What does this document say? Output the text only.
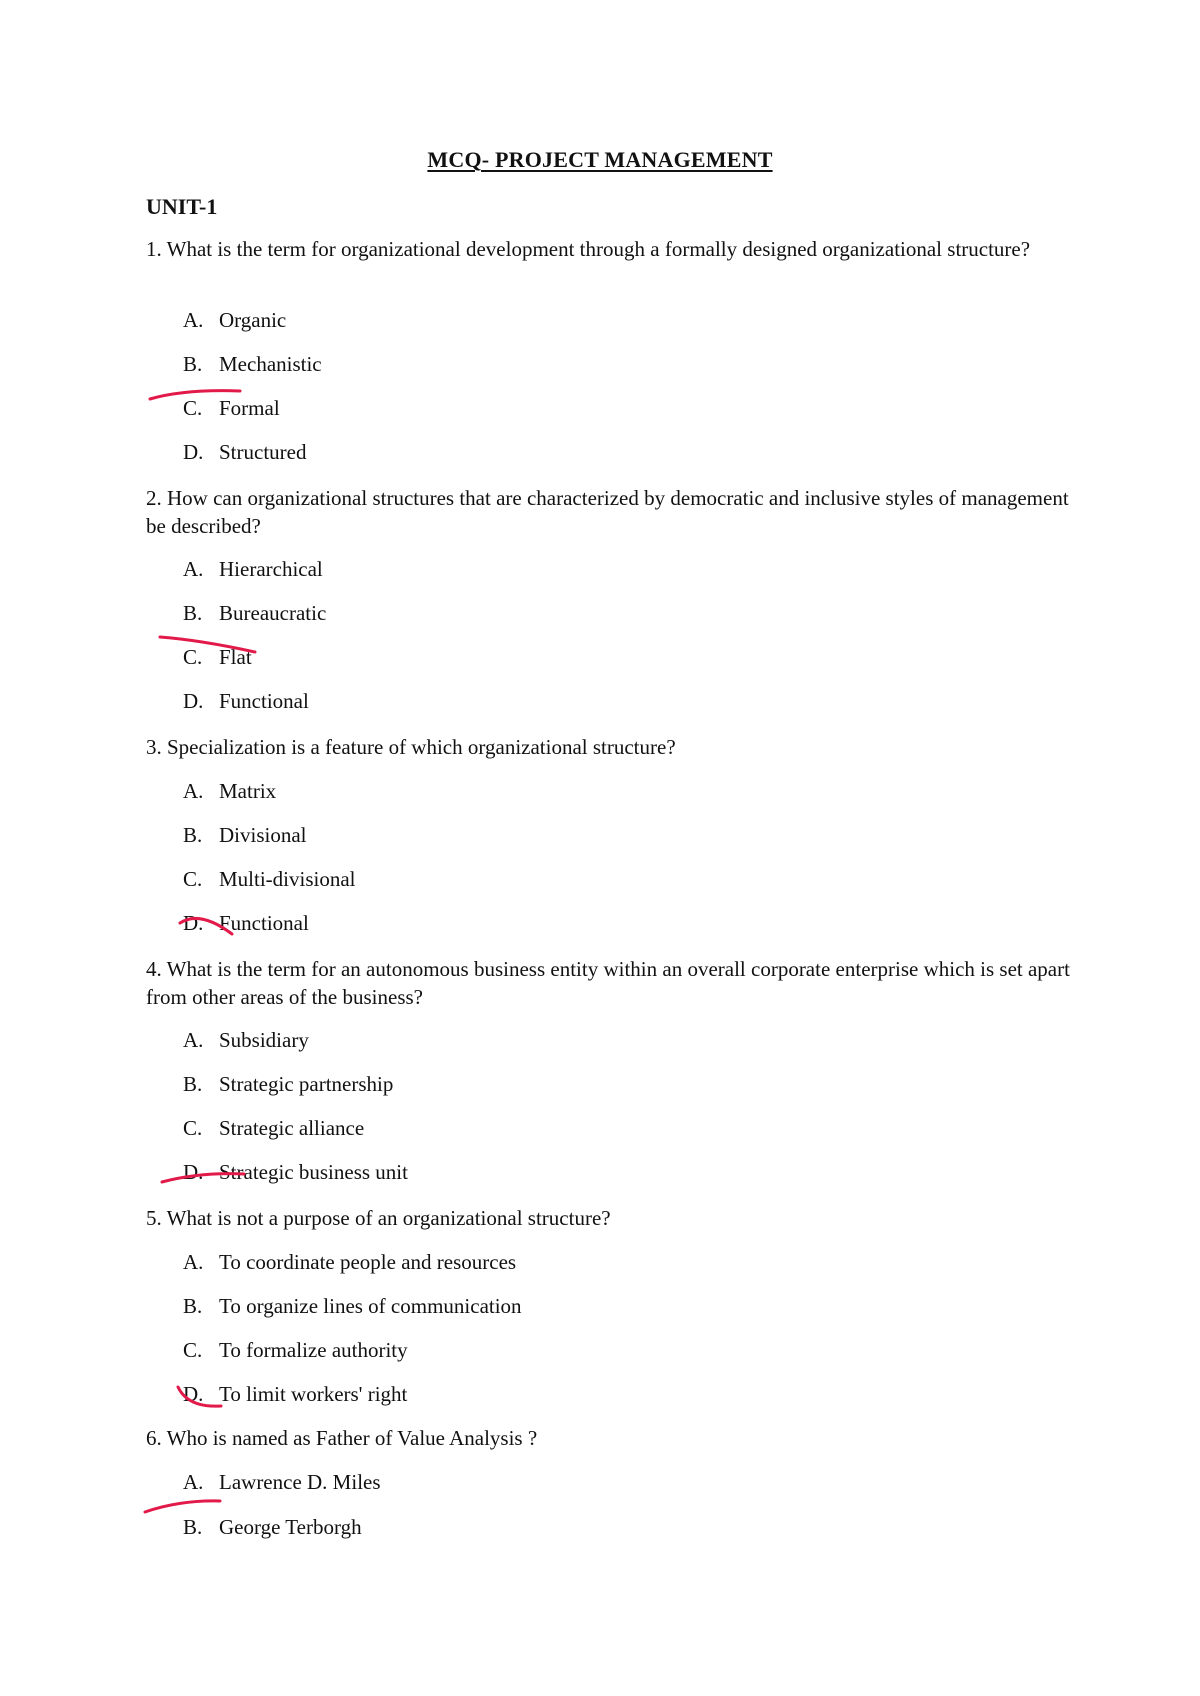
MCQ- PROJECT MANAGEMENT
UNIT-1
1. What is the term for organizational development through a formally designed organizational structure?
A. Organic
B. Mechanistic
C. Formal
D. Structured
2. How can organizational structures that are characterized by democratic and inclusive styles of management be described?
A. Hierarchical
B. Bureaucratic
C. Flat
D. Functional
3. Specialization is a feature of which organizational structure?
A. Matrix
B. Divisional
C. Multi-divisional
D. Functional
4. What is the term for an autonomous business entity within an overall corporate enterprise which is set apart from other areas of the business?
A. Subsidiary
B. Strategic partnership
C. Strategic alliance
D. Strategic business unit
5. What is not a purpose of an organizational structure?
A. To coordinate people and resources
B. To organize lines of communication
C. To formalize authority
D. To limit workers' right
6. Who is named as Father of Value Analysis ?
A. Lawrence D. Miles
B. George Terborgh
